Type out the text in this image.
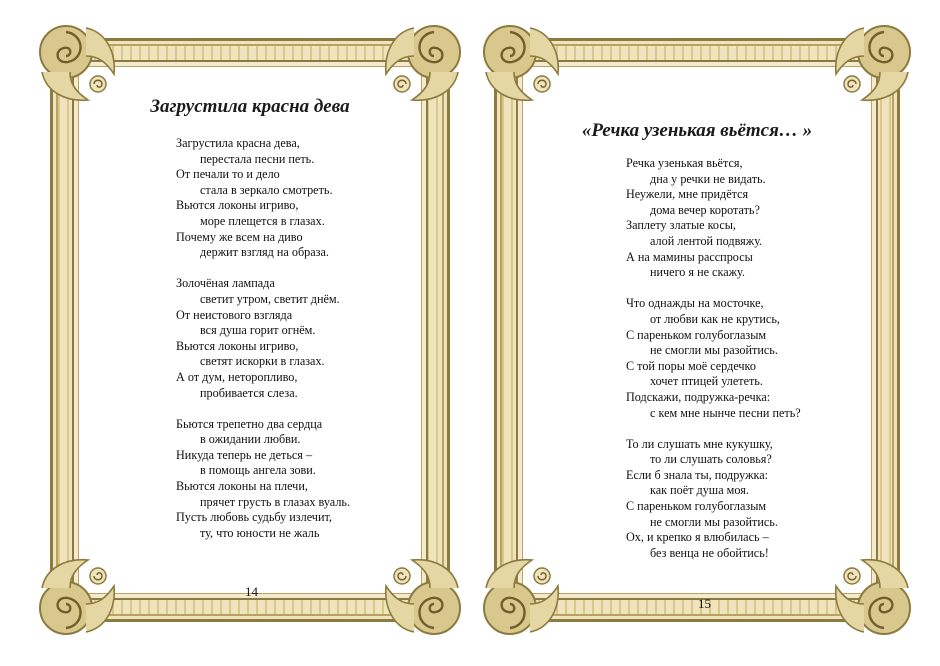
Загрустила красна дева
Загрустила красна дева,
перестала песни петь.
От печали то и дело
стала в зеркало смотреть.
Вьются локоны игриво,
море плещется в глазах.
Почему же всем на диво
держит взгляд на образа.
Золочёная лампада
светит утром, светит днём.
От неистового взгляда
вся душа горит огнём.
Вьются локоны игриво,
светят искорки в глазах.
А от дум, неторопливо,
пробивается слеза.
Бьются трепетно два сердца
в ожидании любви.
Никуда теперь не деться –
в помощь ангела зови.
Вьются локоны на плечи,
прячет грусть в глазах вуаль.
Пусть любовь судьбу излечит,
ту, что юности не жаль
14
«Речка узенькая вьётся… »
Речка узенькая вьётся,
дна у речки не видать.
Неужели, мне придётся
дома вечер коротать?
Заплету златые косы,
алой лентой подвяжу.
А на мамины расспросы
ничего я не скажу.
Что однажды на мосточке,
от любви как не крутись,
С пареньком голубоглазым
не смогли мы разойтись.
С той поры моё сердечко
хочет птицей улететь.
Подскажи, подружка-речка:
с кем мне нынче песни петь?
То ли слушать мне кукушку,
то ли слушать соловья?
Если б знала ты, подружка:
как поёт душа моя.
С пареньком голубоглазым
не смогли мы разойтись.
Ох, и крепко я влюбилась –
без венца не обойтись!
15
